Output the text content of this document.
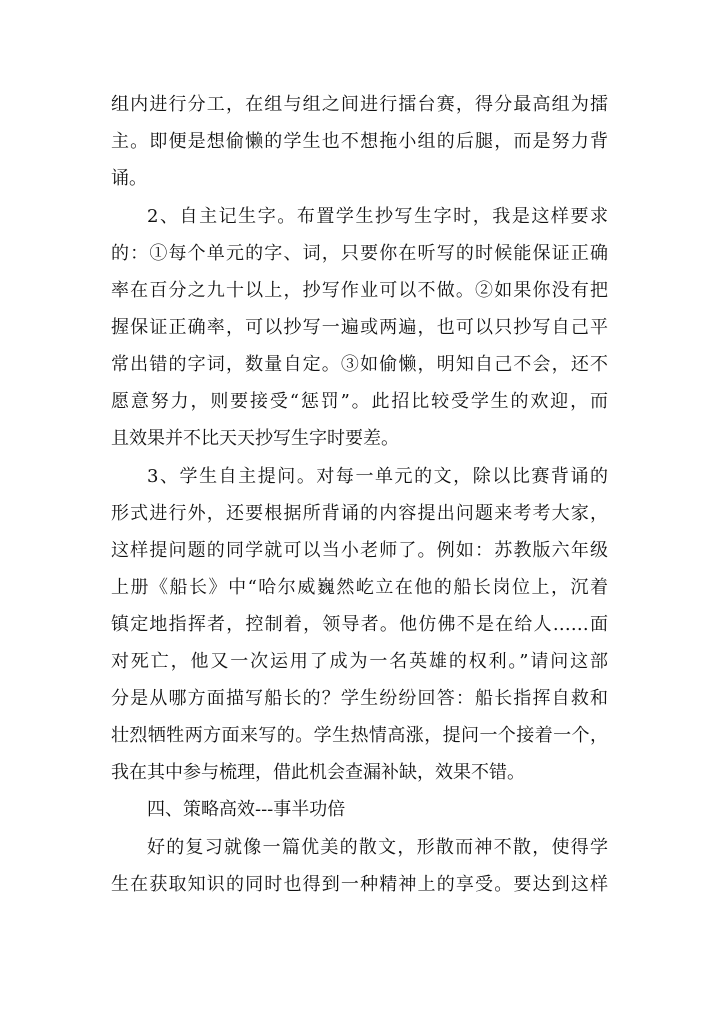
组内进行分工，在组与组之间进行擂台赛，得分最高组为擂
主。即便是想偷懒的学生也不想拖小组的后腿，而是努力背
诵。
2、自主记生字。布置学生抄写生字时，我是这样要求
的：①每个单元的字、词，只要你在听写的时候能保证正确
率在百分之九十以上，抄写作业可以不做。②如果你没有把
握保证正确率，可以抄写一遍或两遍，也可以只抄写自己平
常出错的字词，数量自定。③如偷懒，明知自己不会，还不
愿意努力，则要接受“惩罚”。此招比较受学生的欢迎，而
且效果并不比天天抄写生字时要差。
3、学生自主提问。对每一单元的文，除以比赛背诵的
形式进行外，还要根据所背诵的内容提出问题来考考大家，
这样提问题的同学就可以当小老师了。例如：苏教版六年级
上册《船长》中“哈尔威巍然屹立在他的船长岗位上，沉着
镇定地指挥者，控制着，领导者。他仿佛不是在给人……面
对死亡，他又一次运用了成为一名英雄的权利。”请问这部
分是从哪方面描写船长的？学生纷纷回答：船长指挥自救和
壮烈牺牲两方面来写的。学生热情高涨，提问一个接着一个，
我在其中参与梳理，借此机会查漏补缺，效果不错。
四、策略高效---事半功倍
好的复习就像一篇优美的散文，形散而神不散，使得学
生在获取知识的同时也得到一种精神上的享受。要达到这样
